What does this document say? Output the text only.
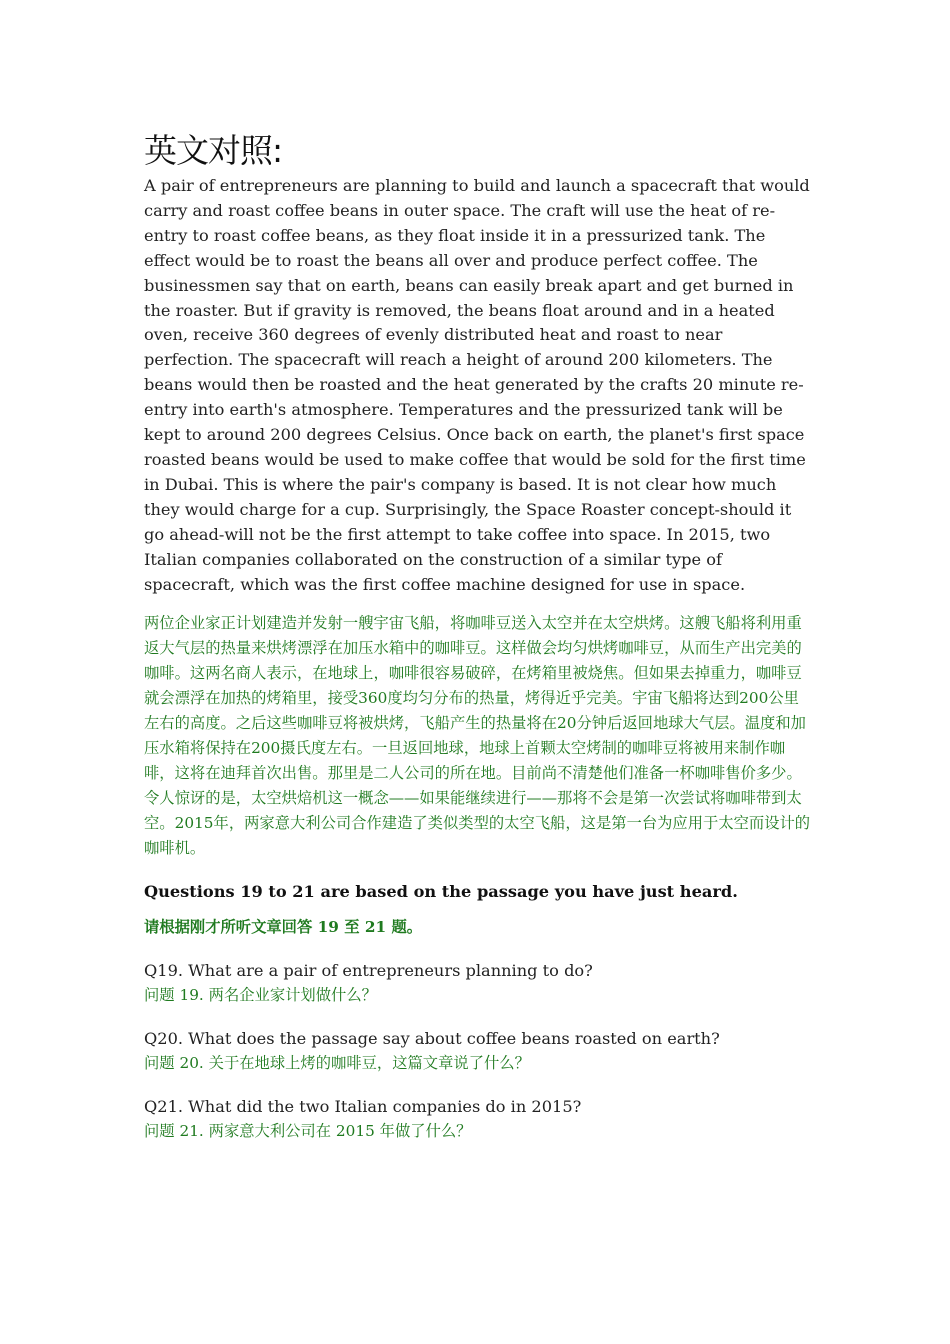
英文对照:

A pair of entrepreneurs are planning to build and launch a spacecraft that would carry and roast coffee beans in outer space. The craft will use the heat of re-entry to roast coffee beans, as they float inside it in a pressurized tank. The effect would be to roast the beans all over and produce perfect coffee. The businessmen say that on earth, beans can easily break apart and get burned in the roaster. But if gravity is removed, the beans float around and in a heated oven, receive 360 degrees of evenly distributed heat and roast to near perfection. The spacecraft will reach a height of around 200 kilometers. The beans would then be roasted and the heat generated by the crafts 20 minute re-entry into earth's atmosphere. Temperatures and the pressurized tank will be kept to around 200 degrees Celsius. Once back on earth, the planet's first space roasted beans would be used to make coffee that would be sold for the first time in Dubai. This is where the pair's company is based. It is not clear how much they would charge for a cup. Surprisingly, the Space Roaster concept-should it go ahead-will not be the first attempt to take coffee into space. In 2015, two Italian companies collaborated on the construction of a similar type of spacecraft, which was the first coffee machine designed for use in space.

两位企业家正计划建造并发射一艘宇宙飞船，将咖啡豆送入太空并在太空烘烤。这艘飞船将利用重返大气层的热量来烘烤漂浮在加压水箱中的咖啡豆。这样做会均匀烘烤咖啡豆，从而生产出完美的咖啡。这两名商人表示，在地球上，咖啡很容易破碎，在烤箱里被烧焦。但如果去掉重力，咖啡豆就会漂浮在加热的烤箱里，接受360度均匀分布的热量，烤得近乎完美。宇宙飞船将达到200公里左右的高度。之后这些咖啡豆将被烘烤，飞船产生的热量将在20分钟后返回地球大气层。温度和加压水箱将保持在200摄氏度左右。一旦返回地球，地球上首颗太空烤制的咖啡豆将被用来制作咖啡，这将在迪拜首次出售。那里是二人公司的所在地。目前尚不清楚他们准备一杯咖啡售价多少。令人惊讶的是，太空烘焙机这一概念——如果能继续进行——那将不会是第一次尝试将咖啡带到太空。2015年，两家意大利公司合作建造了类似类型的太空飞船，这是第一台为应用于太空而设计的咖啡机。

Questions 19 to 21 are based on the passage you have just heard.

请根据刚才所听文章回答 19 至 21 题。

Q19. What are a pair of entrepreneurs planning to do?

问题 19. 两名企业家计划做什么？

Q20. What does the passage say about coffee beans roasted on earth?

问题 20. 关于在地球上烤的咖啡豆，这篇文章说了什么？

Q21. What did the two Italian companies do in 2015?

问题 21. 两家意大利公司在 2015 年做了什么？
